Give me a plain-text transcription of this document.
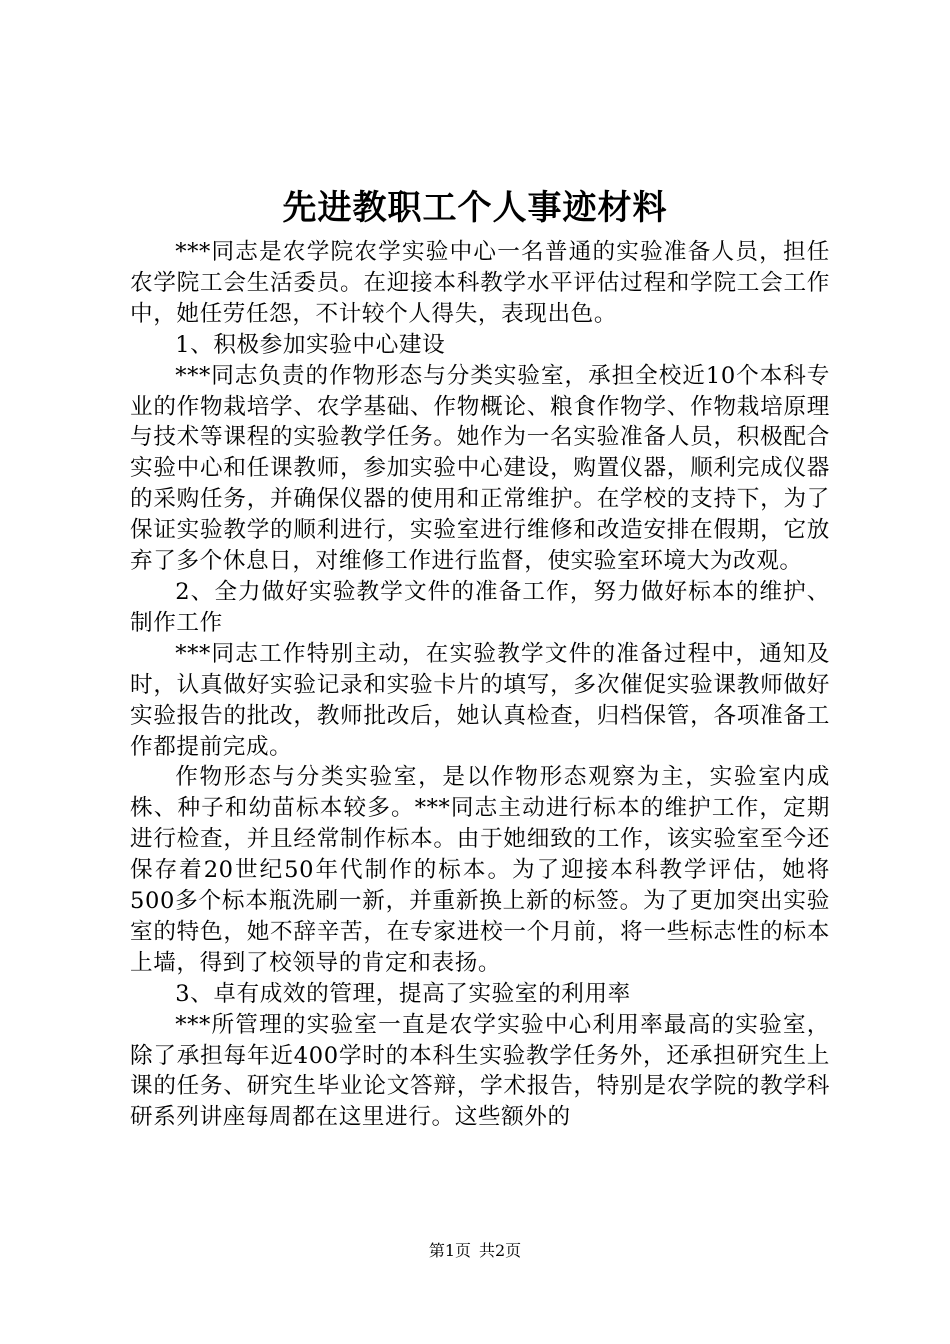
先进教职工个人事迹材料

***同志是农学院农学实验中心一名普通的实验准备人员，担任农学院工会生活委员。在迎接本科教学水平评估过程和学院工会工作中，她任劳任怨，不计较个人得失，表现出色。

1、积极参加实验中心建设

***同志负责的作物形态与分类实验室，承担全校近10个本科专业的作物栽培学、农学基础、作物概论、粮食作物学、作物栽培原理与技术等课程的实验教学任务。她作为一名实验准备人员，积极配合实验中心和任课教师，参加实验中心建设，购置仪器，顺利完成仪器的采购任务，并确保仪器的使用和正常维护。在学校的支持下，为了保证实验教学的顺利进行，实验室进行维修和改造安排在假期，它放弃了多个休息日，对维修工作进行监督，使实验室环境大为改观。

2、全力做好实验教学文件的准备工作，努力做好标本的维护、制作工作

***同志工作特别主动，在实验教学文件的准备过程中，通知及时，认真做好实验记录和实验卡片的填写，多次催促实验课教师做好实验报告的批改，教师批改后，她认真检查，归档保管，各项准备工作都提前完成。

作物形态与分类实验室，是以作物形态观察为主，实验室内成株、种子和幼苗标本较多。***同志主动进行标本的维护工作，定期进行检查，并且经常制作标本。由于她细致的工作，该实验室至今还保存着20世纪50年代制作的标本。为了迎接本科教学评估，她将500多个标本瓶洗刷一新，并重新换上新的标签。为了更加突出实验室的特色，她不辞辛苦，在专家进校一个月前，将一些标志性的标本上墙，得到了校领导的肯定和表扬。

3、卓有成效的管理，提高了实验室的利用率

***所管理的实验室一直是农学实验中心利用率最高的实验室，除了承担每年近400学时的本科生实验教学任务外，还承担研究生上课的任务、研究生毕业论文答辩，学术报告，特别是农学院的教学科研系列讲座每周都在这里进行。这些额外的

第1页 共2页
